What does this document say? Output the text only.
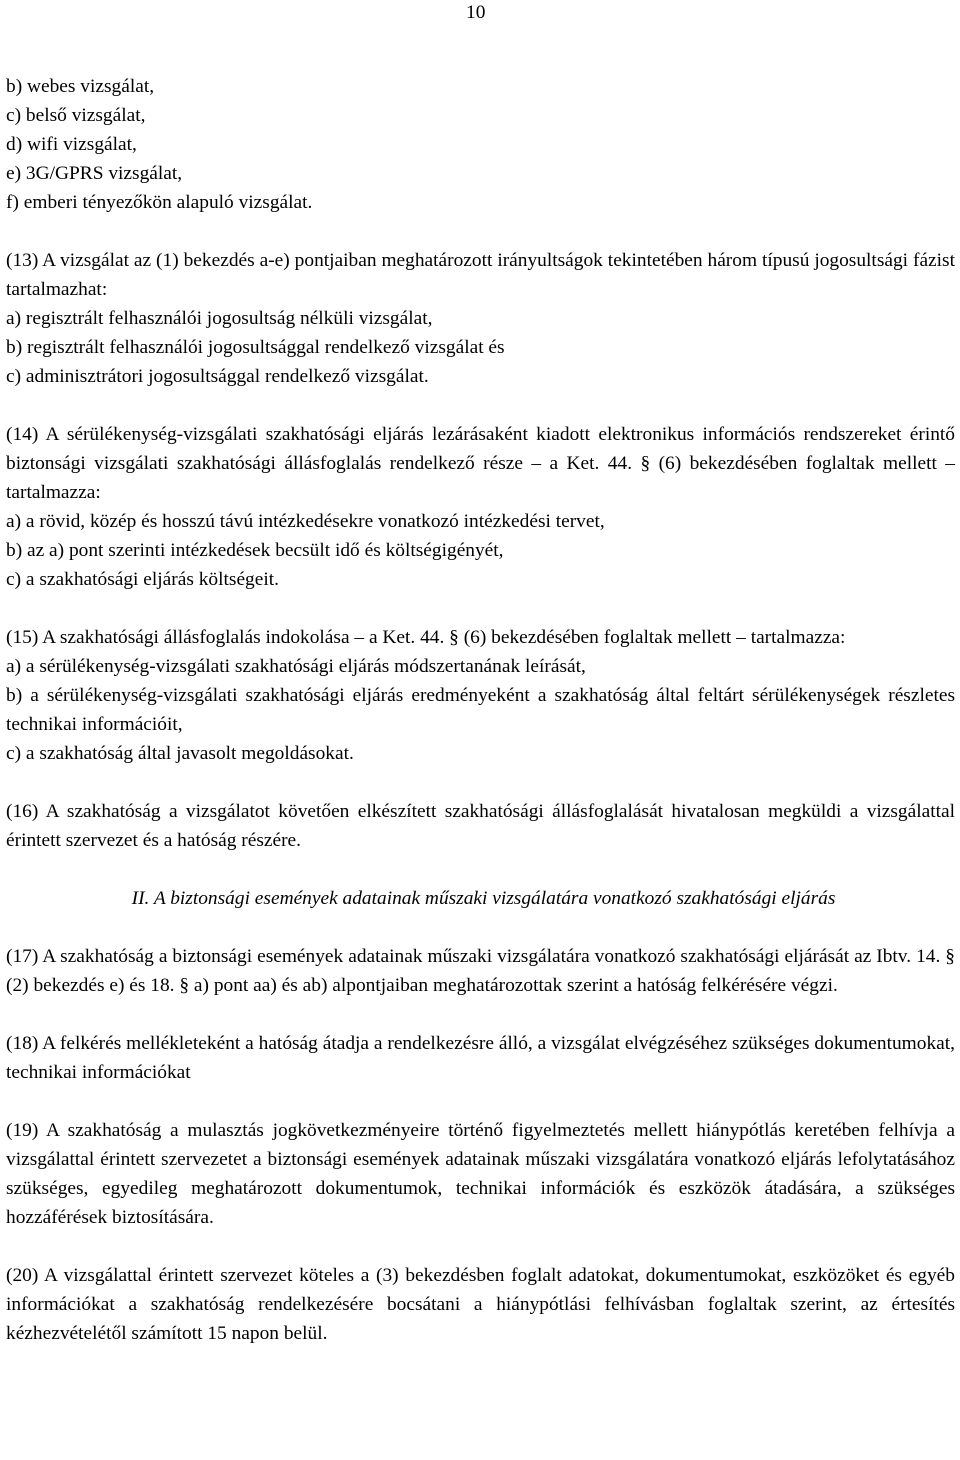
10
b) webes vizsgálat,
c) belső vizsgálat,
d) wifi vizsgálat,
e) 3G/GPRS vizsgálat,
f) emberi tényezőkön alapuló vizsgálat.
(13) A vizsgálat az (1) bekezdés a-e) pontjaiban meghatározott irányultságok tekintetében három típusú jogosultsági fázist tartalmazhat:
a) regisztrált felhasználói jogosultság nélküli vizsgálat,
b) regisztrált felhasználói jogosultsággal rendelkező vizsgálat és
c) adminisztrátori jogosultsággal rendelkező vizsgálat.
(14) A sérülékenység-vizsgálati szakhatósági eljárás lezárásaként kiadott elektronikus információs rendszereket érintő biztonsági vizsgálati szakhatósági állásfoglalás rendelkező része – a Ket. 44. § (6) bekezdésében foglaltak mellett – tartalmazza:
a) a rövid, közép és hosszú távú intézkedésekre vonatkozó intézkedési tervet,
b) az a) pont szerinti intézkedések becsült idő és költségigényét,
c) a szakhatósági eljárás költségeit.
(15) A szakhatósági állásfoglalás indokolása – a Ket. 44. § (6) bekezdésében foglaltak mellett – tartalmazza:
a) a sérülékenység-vizsgálati szakhatósági eljárás módszertanának leírását,
b) a sérülékenység-vizsgálati szakhatósági eljárás eredményeként a szakhatóság által feltárt sérülékenységek részletes technikai információit,
c) a szakhatóság által javasolt megoldásokat.
(16) A szakhatóság a vizsgálatot követően elkészített szakhatósági állásfoglalását hivatalosan megküldi a vizsgálattal érintett szervezet és a hatóság részére.
II. A biztonsági események adatainak műszaki vizsgálatára vonatkozó szakhatósági eljárás
(17) A szakhatóság a biztonsági események adatainak műszaki vizsgálatára vonatkozó szakhatósági eljárását az Ibtv. 14. § (2) bekezdés e) és 18. § a) pont aa) és ab) alpontjaiban meghatározottak szerint a hatóság felkérésére végzi.
(18) A felkérés mellékleteként a hatóság átadja a rendelkezésre álló, a vizsgálat elvégzéséhez szükséges dokumentumokat, technikai információkat
(19) A szakhatóság a mulasztás jogkövetkezményeire történő figyelmeztetés mellett hiánypótlás keretében felhívja a vizsgálattal érintett szervezetet a biztonsági események adatainak műszaki vizsgálatára vonatkozó eljárás lefolytatásához szükséges, egyedileg meghatározott dokumentumok, technikai információk és eszközök átadására, a szükséges hozzáférések biztosítására.
(20) A vizsgálattal érintett szervezet köteles a (3) bekezdésben foglalt adatokat, dokumentumokat, eszközöket és egyéb információkat a szakhatóság rendelkezésére bocsátani a hiánypótlási felhívásban foglaltak szerint, az értesítés kézhezvételétől számított 15 napon belül.
